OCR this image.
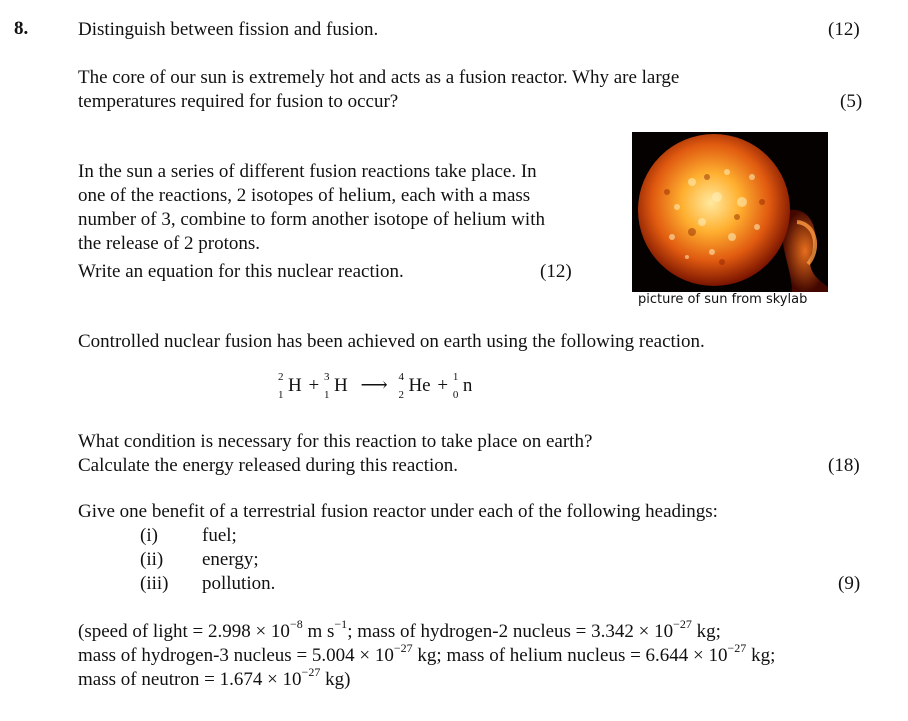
8.	Distinguish between fission and fusion.	(12)
The core of our sun is extremely hot and acts as a fusion reactor. Why are large
temperatures required for fusion to occur?	(5)
In the sun a series of different fusion reactions take place. In
one of the reactions, 2 isotopes of helium, each with a mass
number of 3, combine to form another isotope of helium with
the release of 2 protons.
Write an equation for this nuclear reaction.	(12)
picture of sun from skylab
Controlled nuclear fusion has been achieved on earth using the following reaction.
2
1 H + 3
1 H ⟶ 4
2 He + 1
0 n
What condition is necessary for this reaction to take place on earth?
Calculate the energy released during this reaction.	(18)
Give one benefit of a terrestrial fusion reactor under each of the following headings:
(i) fuel;
(ii) energy;
(iii) pollution.	(9)
(speed of light = $2.998 \times 10^{-8}$ m $s^{-1}$; mass of hydrogen-2 nucleus = $3.342 \times 10^{-27}$ kg;
mass of hydrogen-3 nucleus = $5.004 \times 10^{-27}$ kg; mass of helium nucleus = $6.644 \times 10^{-27}$ kg;
mass of neutron = $1.674 \times 10^{-27}$ kg)
